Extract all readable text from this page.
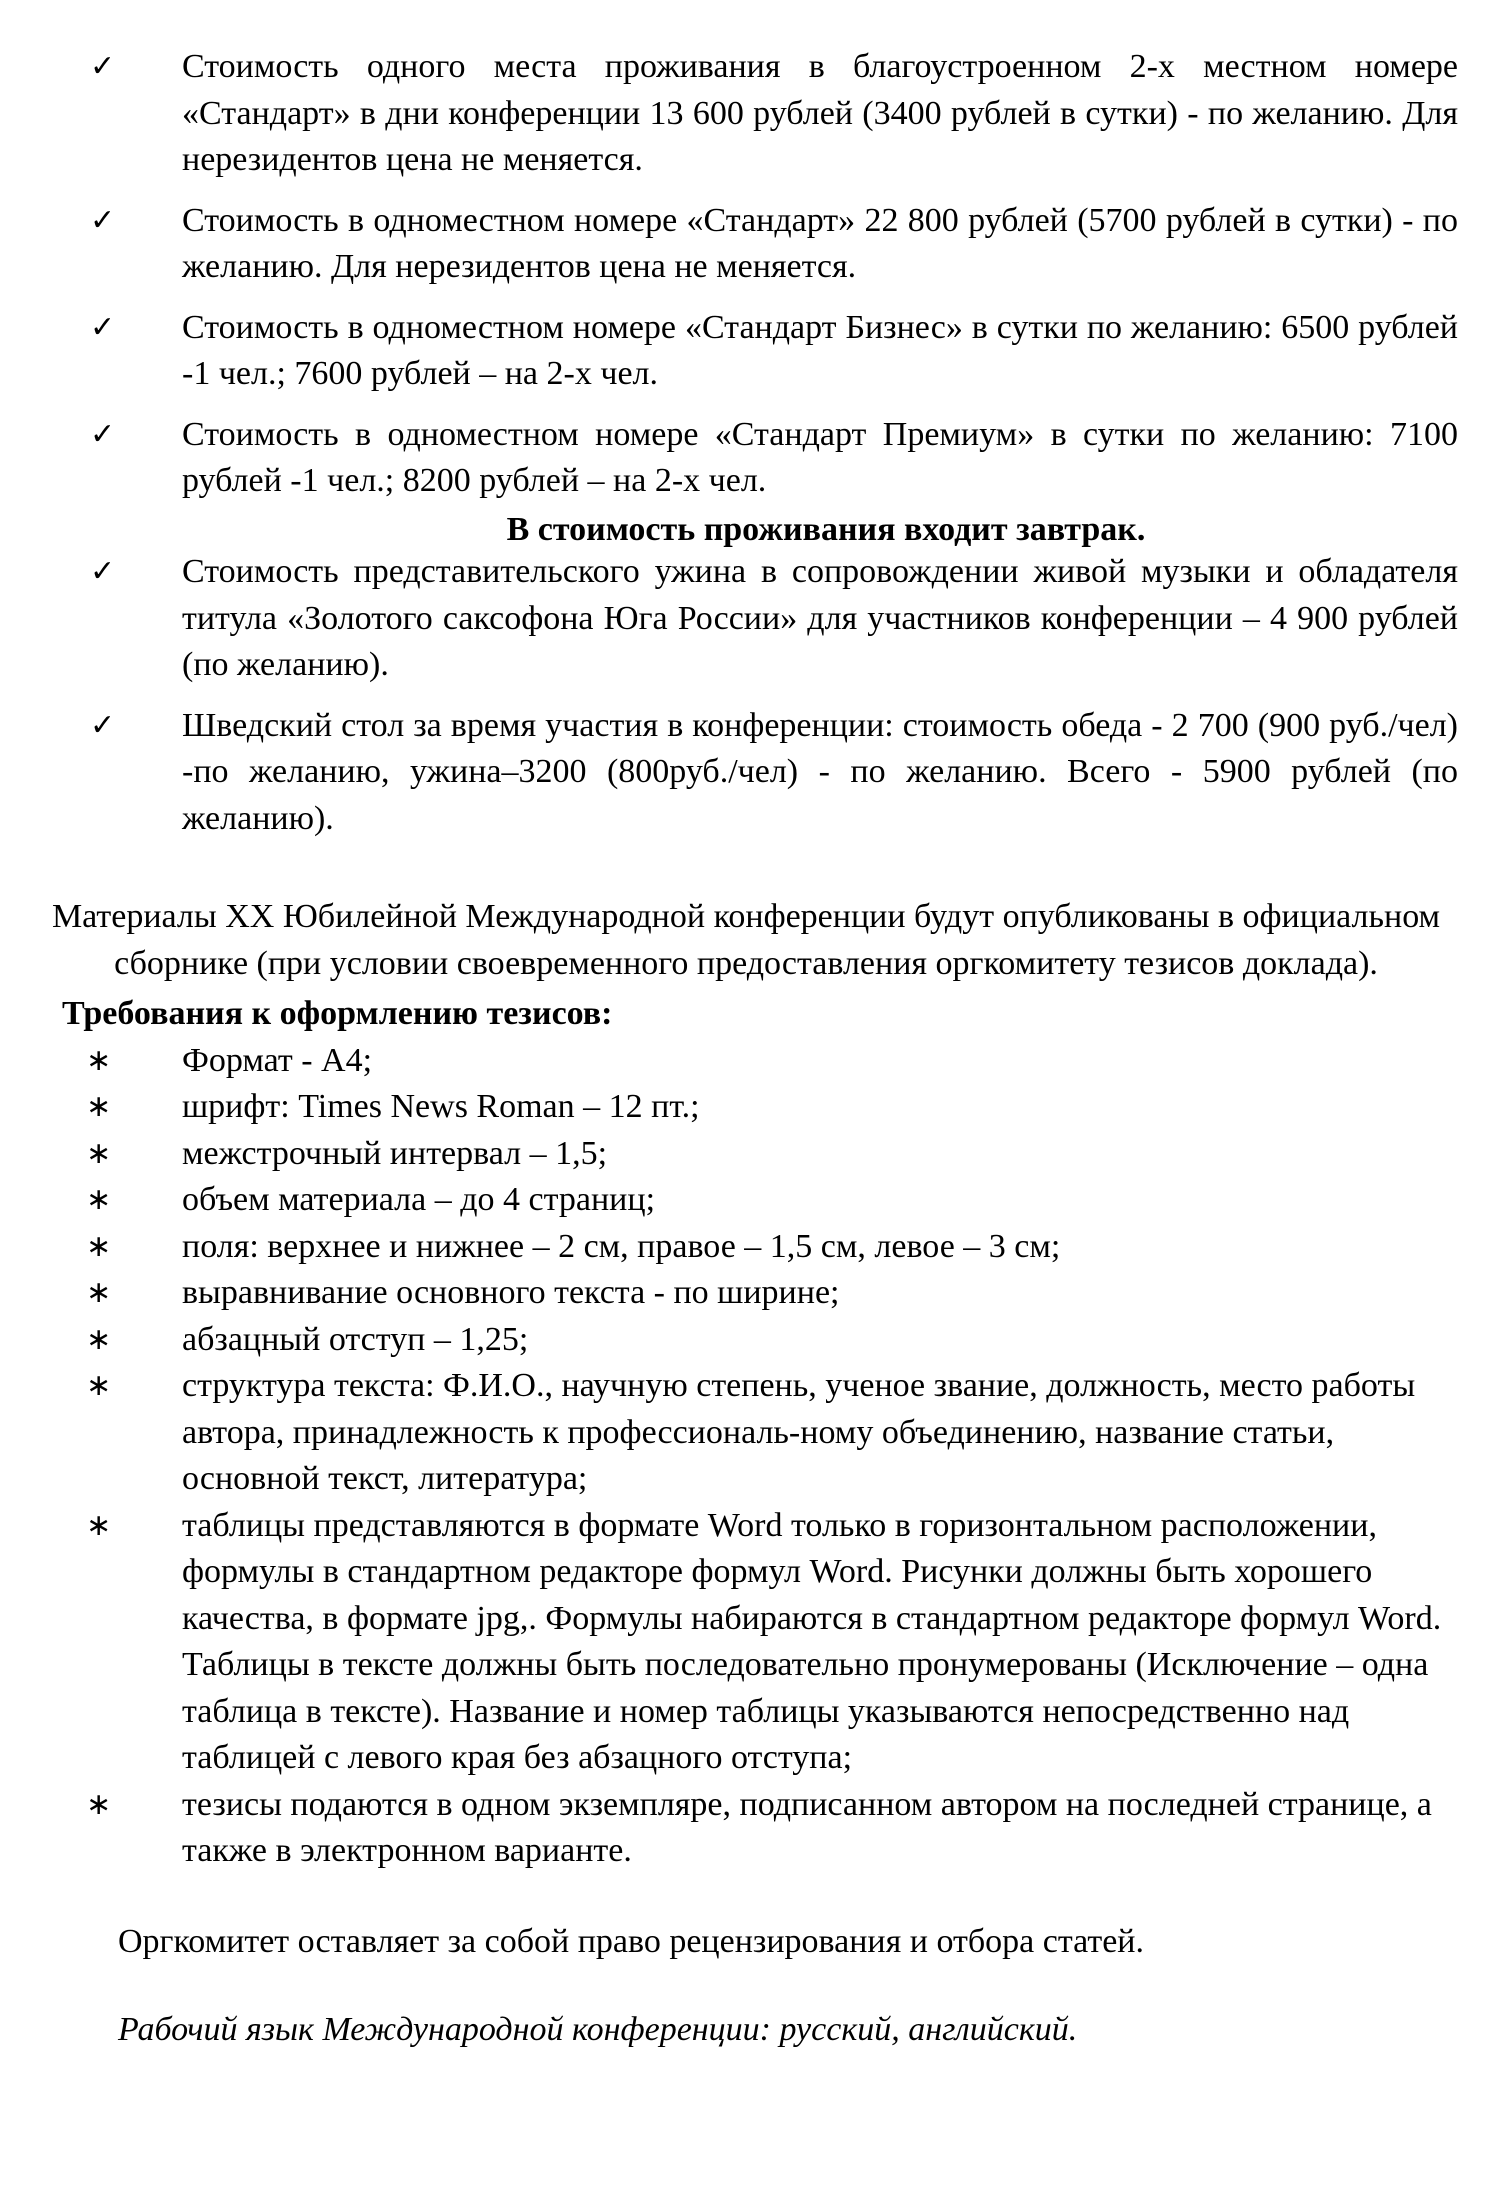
✓	Стоимость одного места проживания в благоустроенном 2-х местном номере «Стандарт» в дни конференции 13 600 рублей (3400 рублей в сутки) - по желанию. Для нерезидентов цена не меняется.
✓	Стоимость в одноместном номере «Стандарт» 22 800 рублей (5700 рублей в сутки) - по желанию. Для нерезидентов цена не меняется.
✓	Стоимость в одноместном номере «Стандарт Бизнес» в сутки по желанию: 6500 рублей -1 чел.; 7600 рублей – на 2-х чел.
✓	Стоимость в одноместном номере «Стандарт Премиум» в сутки по желанию: 7100 рублей -1 чел.; 8200 рублей – на 2-х чел.
В стоимость проживания входит завтрак.
✓	Стоимость представительского ужина в сопровождении живой музыки и обладателя титула «Золотого саксофона Юга России» для участников конференции – 4 900 рублей (по желанию).
✓	Шведский стол за время участия в конференции: стоимость обеда - 2 700 (900 руб./чел) -по желанию, ужина–3200 (800руб./чел) - по желанию. Всего - 5900 рублей (по желанию).
Материалы XX Юбилейной Международной конференции будут опубликованы в официальном сборнике (при условии своевременного предоставления оргкомитету тезисов доклада).
Требования к оформлению тезисов:
∗	Формат - А4;
∗	шрифт: Times News Roman – 12 пт.;
∗	межстрочный интервал – 1,5;
∗	объем материала – до 4 страниц;
∗	поля: верхнее и нижнее – 2 см, правое – 1,5 см, левое – 3 см;
∗	выравнивание основного текста - по ширине;
∗	абзацный отступ – 1,25;
∗	структура текста: Ф.И.О., научную степень, ученое звание, должность, место работы автора, принадлежность к профессиональ-ному объединению, название статьи, основной текст, литература;
∗	таблицы представляются в формате Word только в горизонтальном расположении, формулы в стандартном редакторе формул Word. Рисунки должны быть хорошего качества, в формате jpg,. Формулы набираются в стандартном редакторе формул Word. Таблицы в тексте должны быть последовательно пронумерованы (Исключение – одна таблица в тексте). Название и номер таблицы указываются непосредственно над таблицей с левого края без абзацного отступа;
∗	тезисы подаются в одном экземпляре, подписанном автором на последней странице, а также в электронном варианте.
Оргкомитет оставляет за собой право рецензирования и отбора статей.
Рабочий язык Международной конференции: русский, английский.
